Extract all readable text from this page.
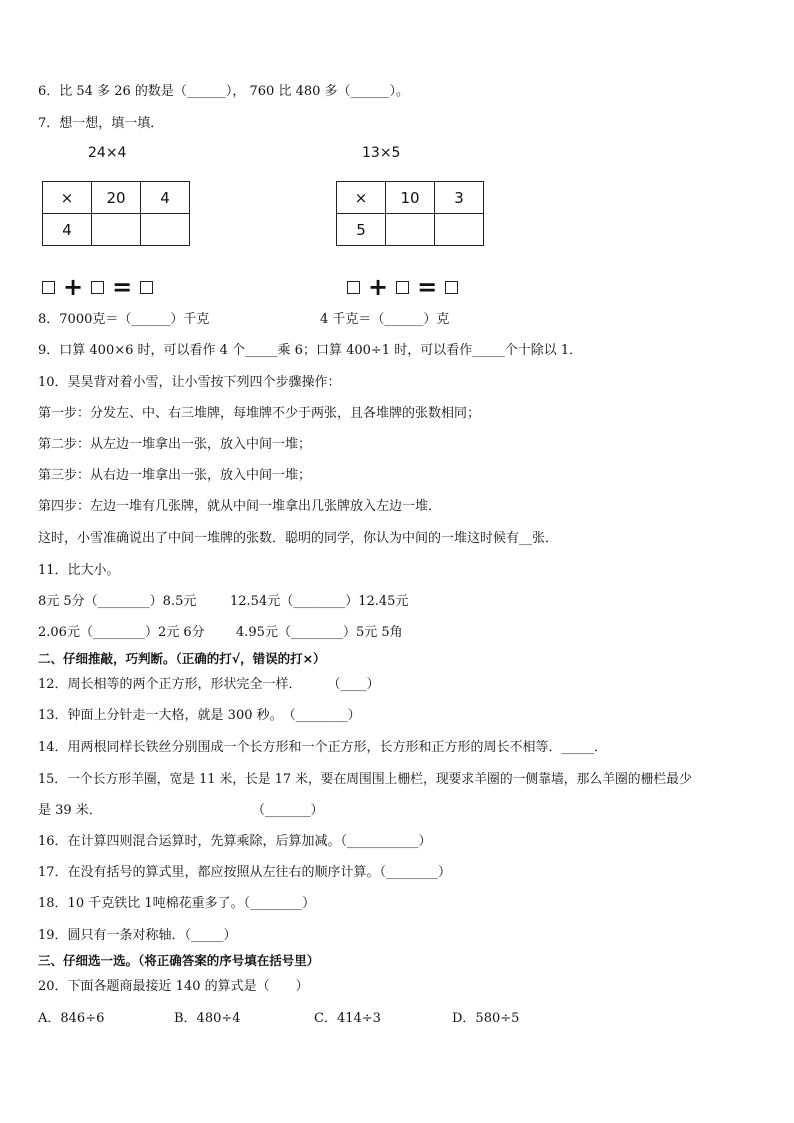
6．比 54 多 26 的数是（______）， 760 比 480 多（______）。
7．想一想，填一填．
24×4	13×5
×	20	4
4		
×	10	3
5		
+ =	+ =
8．7000克＝（______）千克	4 千克＝（______）克
9．口算 400×6 时，可以看作 4 个_____乘 6；口算 400÷1 时，可以看作_____个十除以 1．
10．昊昊背对着小雪，让小雪按下列四个步骤操作：
第一步：分发左、中、右三堆牌，每堆牌不少于两张，且各堆牌的张数相同；
第二步：从左边一堆拿出一张，放入中间一堆；
第三步：从右边一堆拿出一张，放入中间一堆；
第四步：左边一堆有几张牌，就从中间一堆拿出几张牌放入左边一堆．
这时，小雪准确说出了中间一堆牌的张数．聪明的同学，你认为中间的一堆这时候有__张．
11．比大小。
8元 5分（________）8.5元	12.54元（________）12.45元
2.06元（________）2元 6分 4.95元（________）5元 5角
二、仔细推敲，巧判断。（正确的打√，错误的打×）
12．周长相等的两个正方形，形状完全一样．　　　（____）
13．钟面上分针走一大格，就是 300 秒。　（________）
14．用两根同样长铁丝分别围成一个长方形和一个正方形，长方形和正方形的周长不相等．_____．
15．一个长方形羊圈，宽是 11 米，长是 17 米，要在周围围上栅栏，现要求羊圈的一侧靠墙，那么羊圈的栅栏最少
是 39 米．	（_______）
16．在计算四则混合运算时，先算乘除，后算加减。（___________）
17．在没有括号的算式里，都应按照从左往右的顺序计算。（________）
18．10 千克铁比 1吨棉花重多了。（________）
19．圆只有一条对称轴．（_____）
三、仔细选一选。（将正确答案的序号填在括号里）
20．下面各题商最接近 140 的算式是（　　）
A．846÷6	B．480÷4	C．414÷3	D．580÷5
